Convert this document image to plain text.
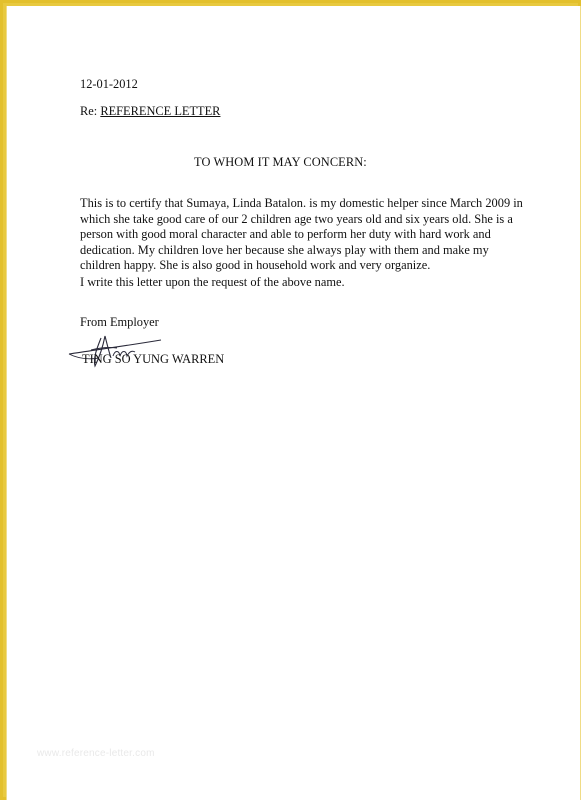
12-01-2012
Re: REFERENCE LETTER
TO WHOM IT MAY CONCERN:
This is to certify that Sumaya, Linda Batalon. is my domestic helper since March 2009 in
which she take good care of our 2 children age two years old and six years old. She is a
person with good moral character and able to perform her duty with hard work and
dedication. My children love her because she always play with them and make my
children happy. She is also good in household work and very organize.
I write this letter upon the request of the above name.
From Employer
TING SO YUNG WARREN
www.reference-letter.com
